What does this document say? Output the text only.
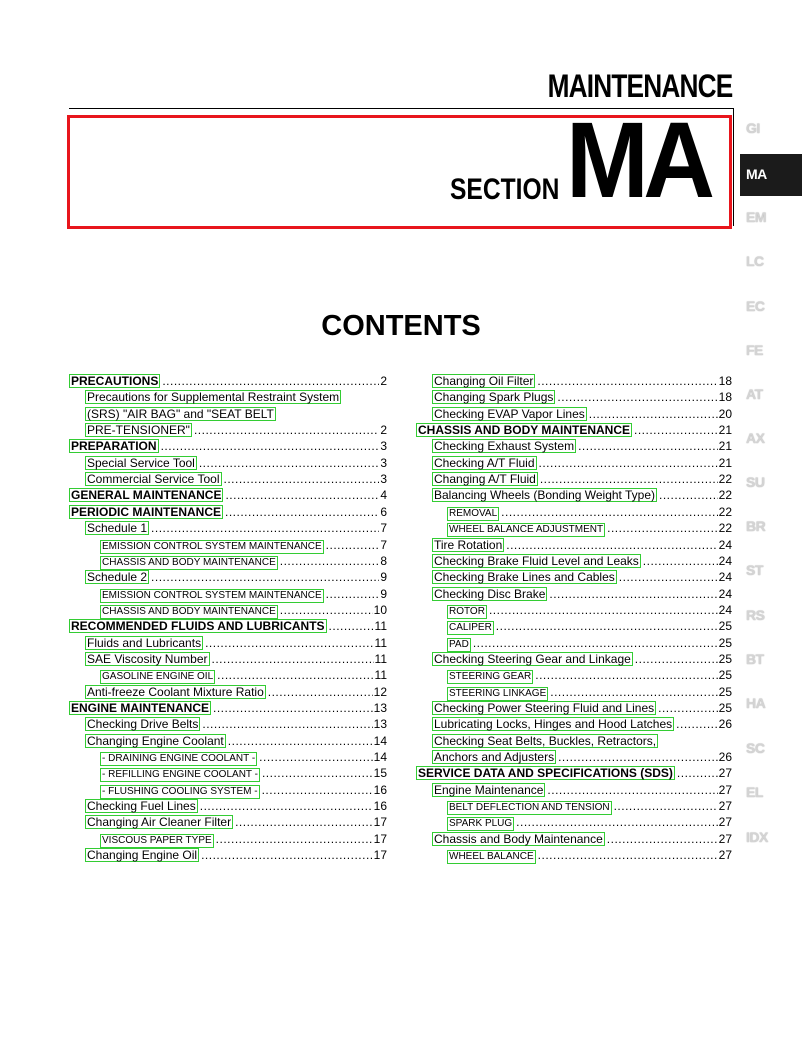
MAINTENANCE
SECTION MA
CONTENTS
GI
MA
EM
LC
EC
FE
AT
AX
SU
BR
ST
RS
BT
HA
SC
EL
IDX
PRECAUTIONS .....	2
Precautions for Supplemental Restraint System
(SRS) "AIR BAG" and "SEAT BELT
PRE-TENSIONER" .....	2
PREPARATION .....	3
Special Service Tool .....	3
Commercial Service Tool .....	3
GENERAL MAINTENANCE .....	4
PERIODIC MAINTENANCE .....	6
Schedule 1 .....	7
EMISSION CONTROL SYSTEM MAINTENANCE .....	7
CHASSIS AND BODY MAINTENANCE .....	8
Schedule 2 .....	9
EMISSION CONTROL SYSTEM MAINTENANCE .....	9
CHASSIS AND BODY MAINTENANCE .....	10
RECOMMENDED FLUIDS AND LUBRICANTS .....	11
Fluids and Lubricants .....	11
SAE Viscosity Number .....	11
GASOLINE ENGINE OIL .....	11
Anti-freeze Coolant Mixture Ratio .....	12
ENGINE MAINTENANCE .....	13
Checking Drive Belts .....	13
Changing Engine Coolant .....	14
- DRAINING ENGINE COOLANT - .....	14
- REFILLING ENGINE COOLANT - .....	15
- FLUSHING COOLING SYSTEM - .....	16
Checking Fuel Lines .....	16
Changing Air Cleaner Filter .....	17
VISCOUS PAPER TYPE .....	17
Changing Engine Oil .....	17
Changing Oil Filter .....	18
Changing Spark Plugs .....	18
Checking EVAP Vapor Lines .....	20
CHASSIS AND BODY MAINTENANCE .....	21
Checking Exhaust System .....	21
Checking A/T Fluid .....	21
Changing A/T Fluid .....	22
Balancing Wheels (Bonding Weight Type) .....	22
REMOVAL .....	22
WHEEL BALANCE ADJUSTMENT .....	22
Tire Rotation .....	24
Checking Brake Fluid Level and Leaks .....	24
Checking Brake Lines and Cables .....	24
Checking Disc Brake .....	24
ROTOR .....	24
CALIPER .....	25
PAD .....	25
Checking Steering Gear and Linkage .....	25
STEERING GEAR .....	25
STEERING LINKAGE .....	25
Checking Power Steering Fluid and Lines .....	25
Lubricating Locks, Hinges and Hood Latches .....	26
Checking Seat Belts, Buckles, Retractors,
Anchors and Adjusters .....	26
SERVICE DATA AND SPECIFICATIONS (SDS) .....	27
Engine Maintenance .....	27
BELT DEFLECTION AND TENSION .....	27
SPARK PLUG .....	27
Chassis and Body Maintenance .....	27
WHEEL BALANCE .....	27
